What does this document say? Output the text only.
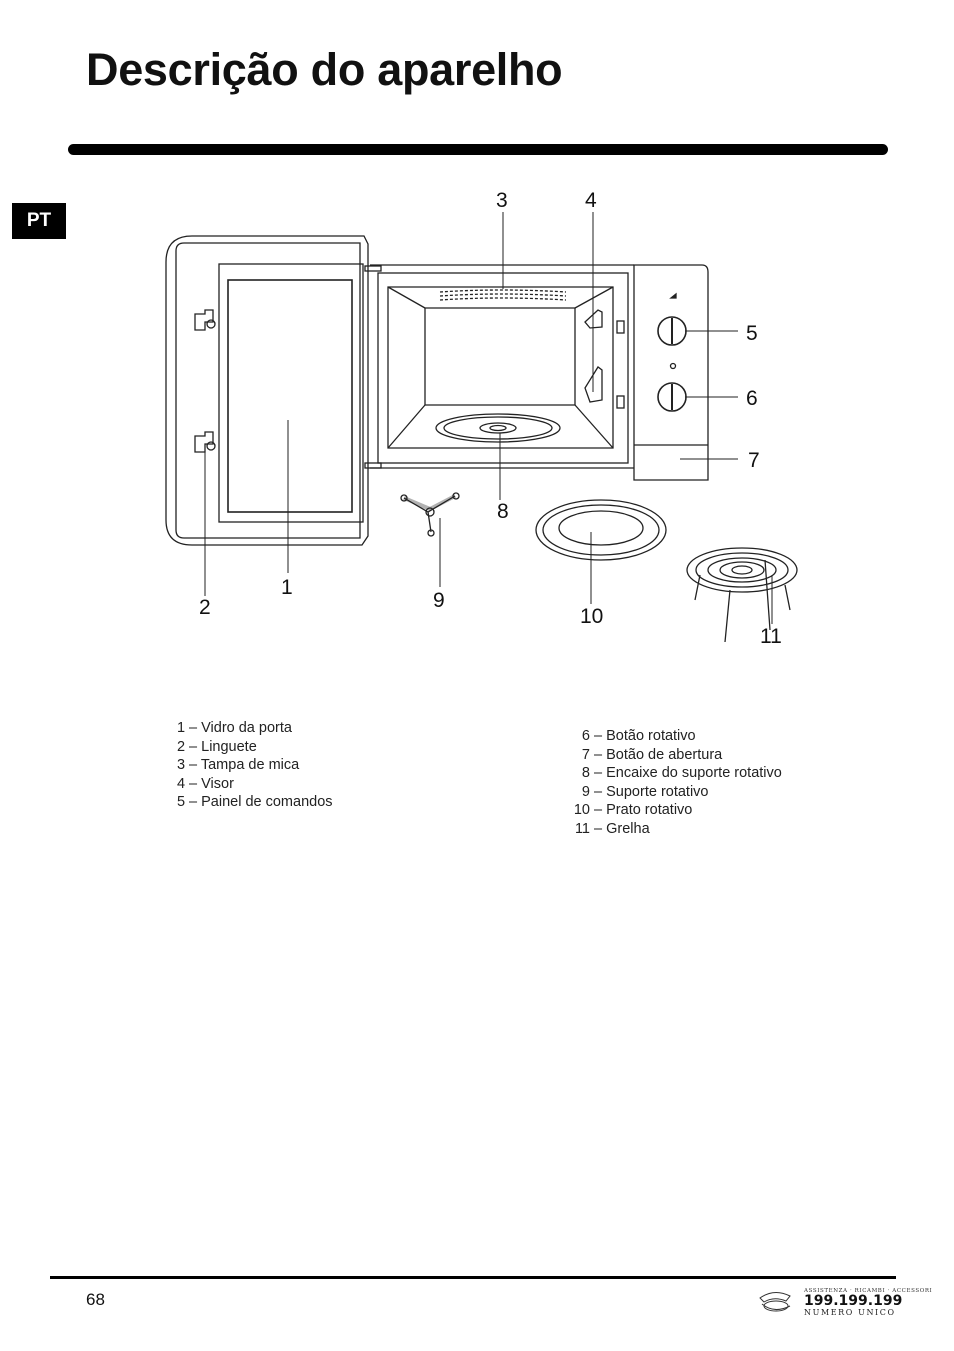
Descrição do aparelho
PT
1
2
3	4
5
6
7
8
9
10
11
1 – Vidro da porta
2 – Linguete
3 – Tampa de mica
4 – Visor
5 – Painel de comandos
6 – Botão rotativo
7 – Botão de abertura
8 – Encaixe do suporte rotativo
9 – Suporte rotativo
10 – Prato rotativo
11 – Grelha
68	ASSISTENZA · RICAMBI · ACCESSORI
199.199.199
NUMERO UNICO
